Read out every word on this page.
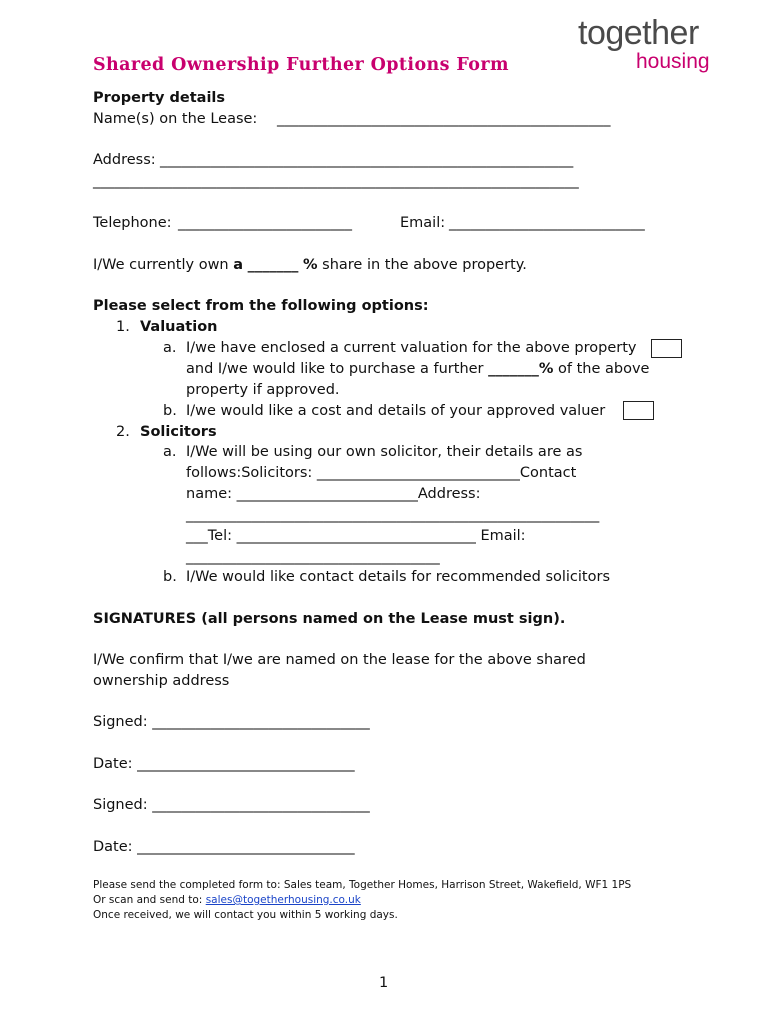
together
housing
Shared Ownership Further Options Form
Property details
Name(s) on the Lease: ______________________________________________
Address: _________________________________________________________
___________________________________________________________________
Telephone: ________________________	Email: ___________________________
I/We currently own a _______ % share in the above property.
Please select from the following options:
1. Valuation
a. I/we have enclosed a current valuation for the above property
and I/we would like to purchase a further _______% of the above
property if approved.
b. I/we would like a cost and details of your approved valuer
2. Solicitors
a. I/We will be using our own solicitor, their details are as
follows:Solicitors: ____________________________Contact
name: _________________________Address:
_________________________________________________________
___Tel: _________________________________ Email:
___________________________________
b. I/We would like contact details for recommended solicitors
SIGNATURES (all persons named on the Lease must sign).
I/We confirm that I/we are named on the lease for the above shared
ownership address
Signed: ______________________________
Date: ______________________________
Signed: ______________________________
Date: ______________________________
Please send the completed form to: Sales team, Together Homes, Harrison Street, Wakefield, WF1 1PS
Or scan and send to: sales@togetherhousing.co.uk
Once received, we will contact you within 5 working days.
1
